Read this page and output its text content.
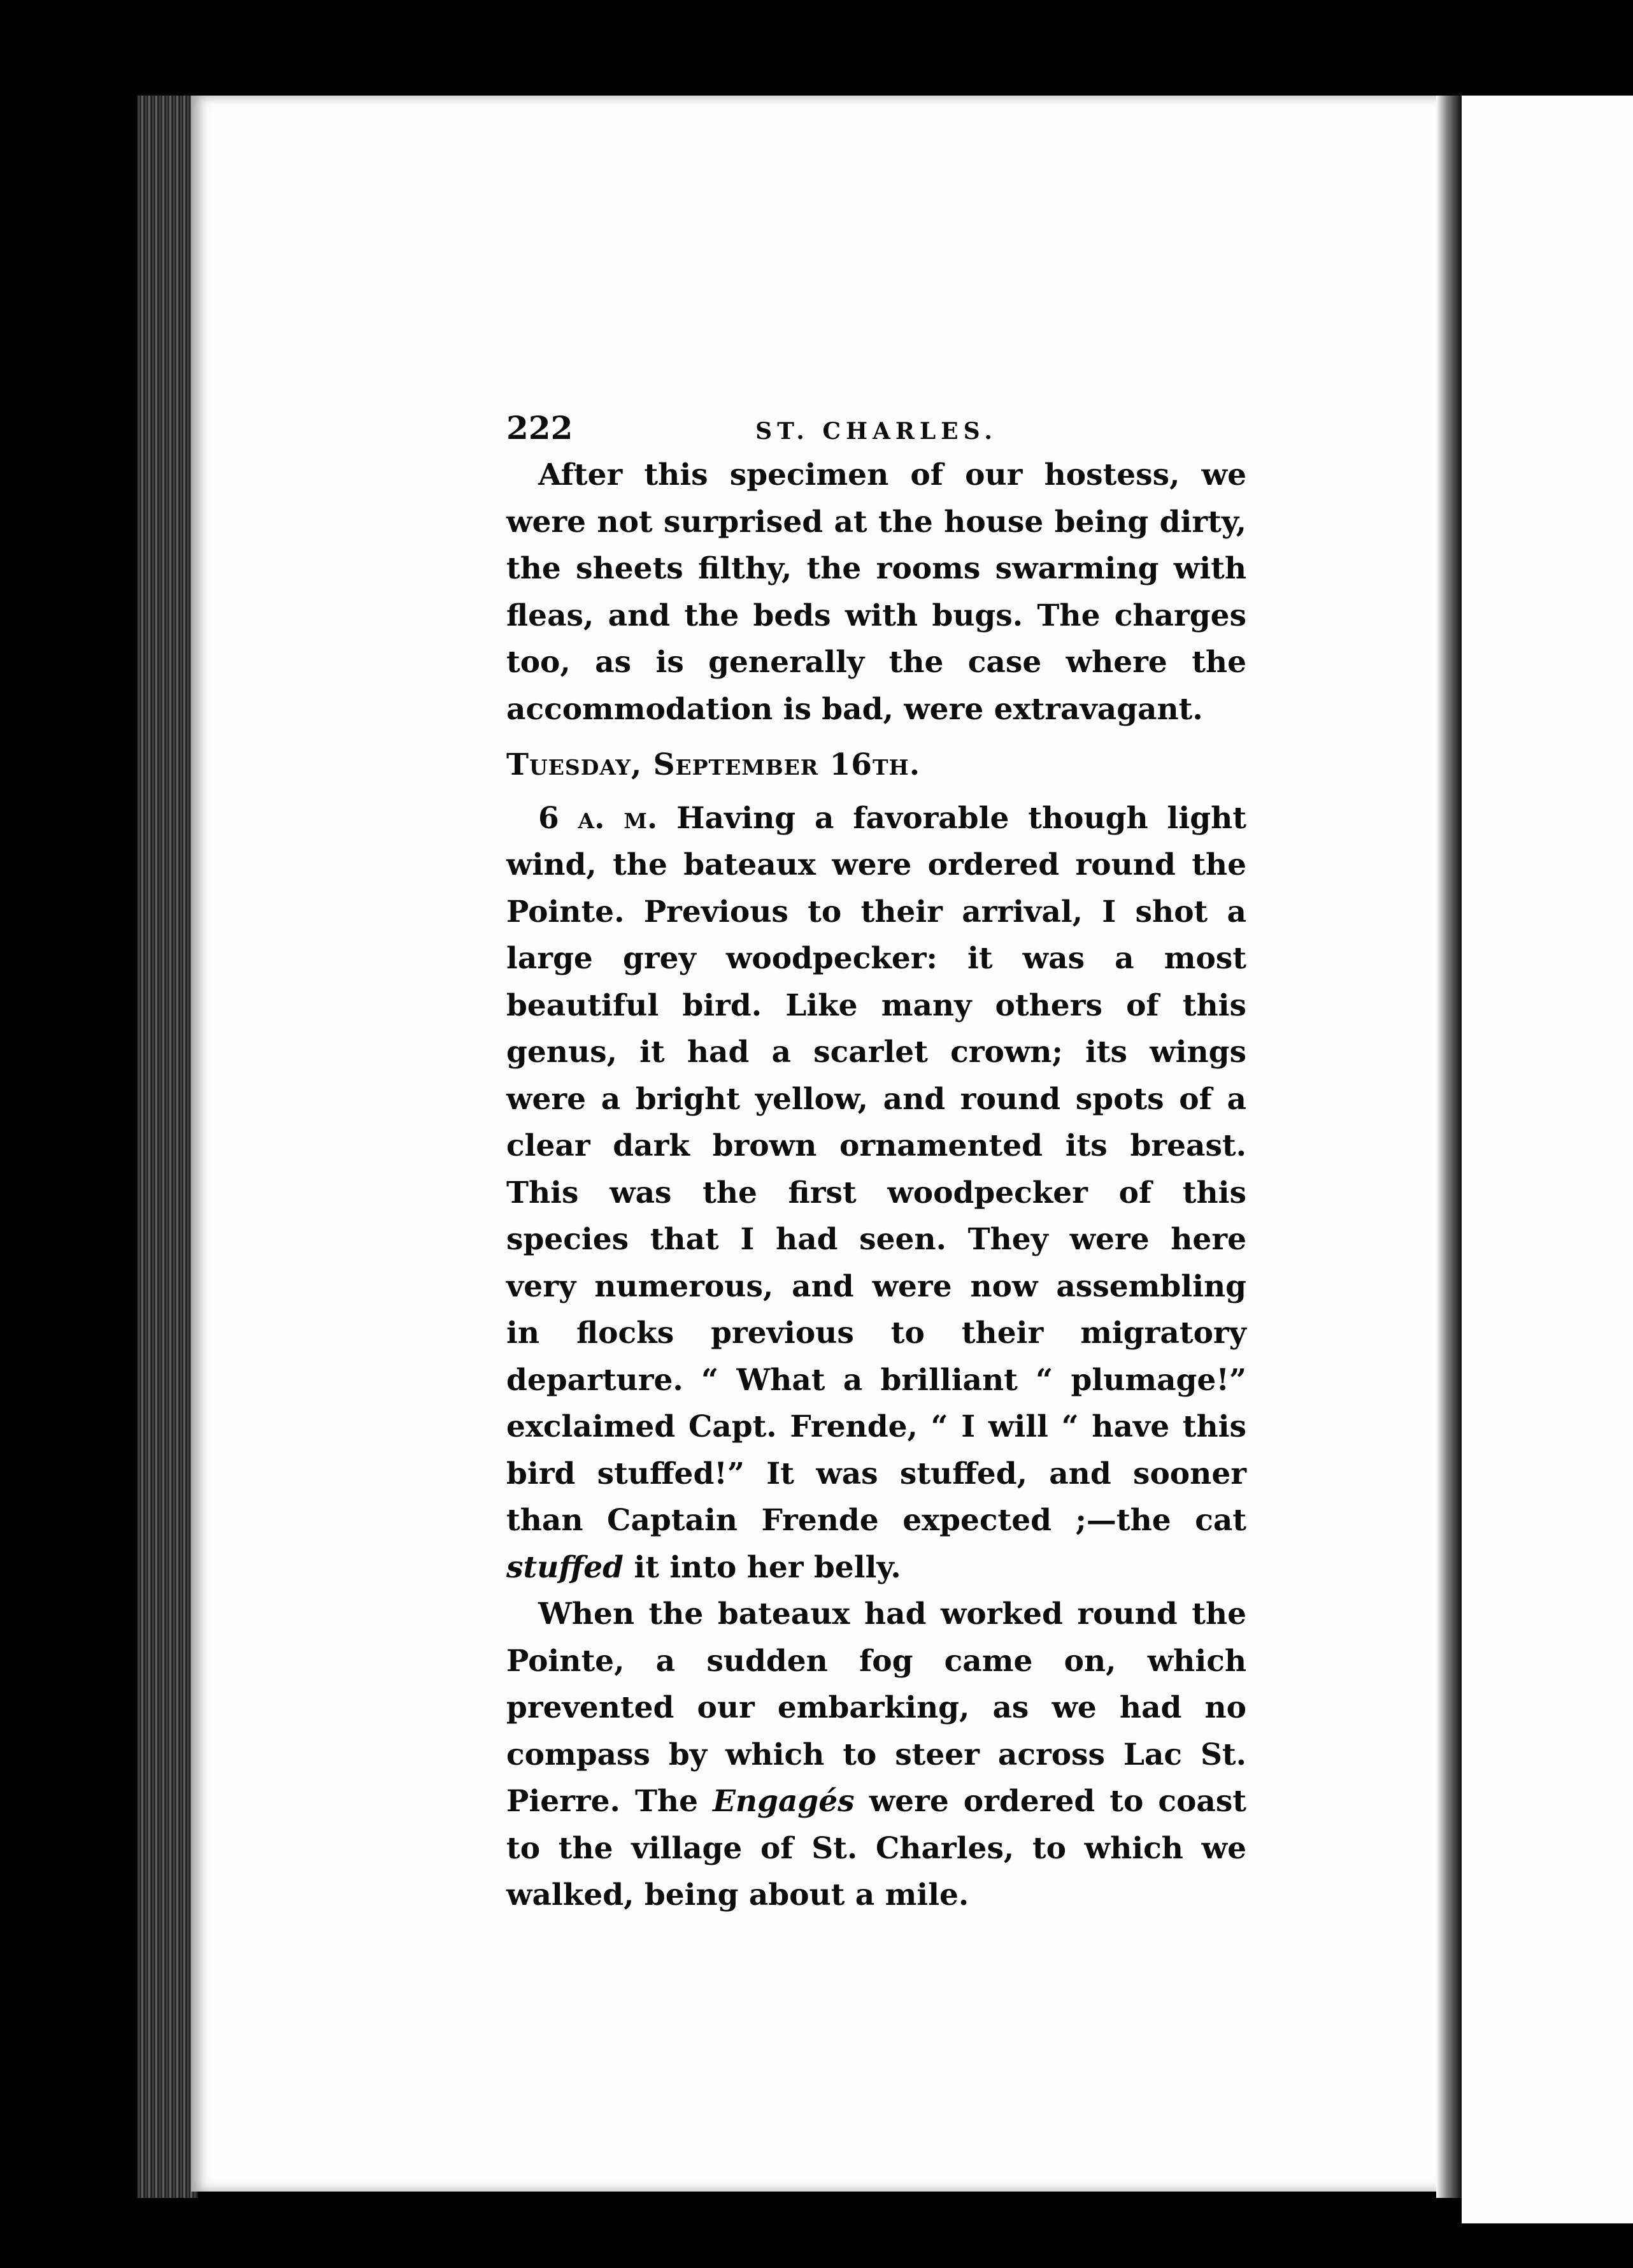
222	ST. CHARLES.

After this specimen of our hostess, we were not surprised at the house being dirty, the sheets filthy, the rooms swarming with fleas, and the beds with bugs. The charges too, as is generally the case where the accommodation is bad, were extravagant.

Tuesday, September 16th.

6 a. m. Having a favorable though light wind, the bateaux were ordered round the Pointe. Previous to their arrival, I shot a large grey woodpecker: it was a most beautiful bird. Like many others of this genus, it had a scarlet crown; its wings were a bright yellow, and round spots of a clear dark brown ornamented its breast. This was the first woodpecker of this species that I had seen. They were here very numerous, and were now assembling in flocks previous to their migratory departure. “ What a brilliant “ plumage!” exclaimed Capt. Frende, “ I will “ have this bird stuffed!” It was stuffed, and sooner than Captain Frende expected ;—the cat stuffed it into her belly.

When the bateaux had worked round the Pointe, a sudden fog came on, which prevented our embarking, as we had no compass by which to steer across Lac St. Pierre. The Engagés were ordered to coast to the village of St. Charles, to which we walked, being about a mile.
